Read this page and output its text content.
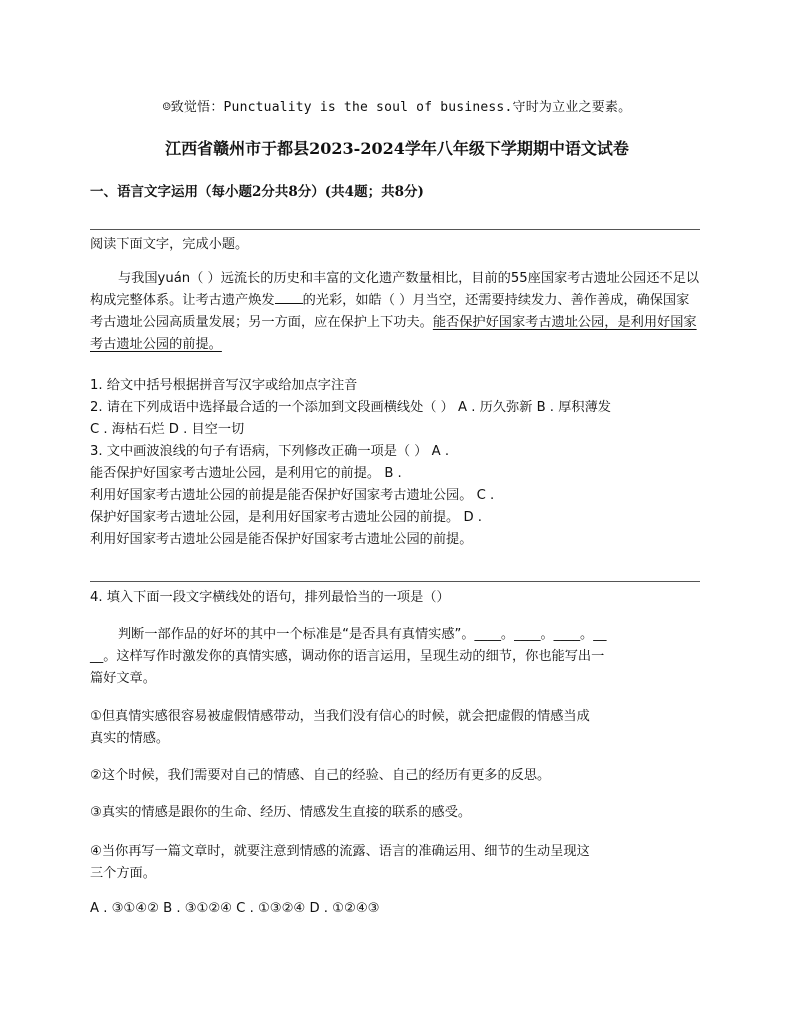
☺致觉悟：Punctuality is the soul of business.守时为立业之要素。
江西省赣州市于都县2023-2024学年八年级下学期期中语文试卷
一、语言文字运用（每小题2分共8分）(共4题；共8分)
阅读下面文字，完成小题。

与我国yuán（ ）远流长的历史和丰富的文化遗产数量相比，目前的55座国家考古遗址公园还不足以构成完整体系。让考古遗产焕发 的光彩，如皓（ ）月当空，还需要持续发力、善作善成，确保国家考古遗址公园高质量发展；另一方面，应在保护上下功夫。能否保护好国家考古遗址公园，是利用好国家考古遗址公园的前提。

1. 给文中括号根据拼音写汉字或给加点字注音
2. 请在下列成语中选择最合适的一个添加到文段画横线处（ ） A . 历久弥新 B . 厚积薄发
C . 海枯石烂 D . 目空一切
3. 文中画波浪线的句子有语病，下列修改正确一项是（ ） A .
能否保护好国家考古遗址公园，是利用它的前提。 B .
利用好国家考古遗址公园的前提是能否保护好国家考古遗址公园。 C .
保护好国家考古遗址公园，是利用好国家考古遗址公园的前提。 D .
利用好国家考古遗址公园是能否保护好国家考古遗址公园的前提。
4. 填入下面一段文字横线处的语句，排列最恰当的一项是（）
判断一部作品的好坏的其中一个标准是“是否具有真情实感”。____。____。____。__
__。这样写作时激发你的真情实感，调动你的语言运用，呈现生动的细节，你也能写出一
篇好文章。
①但真情实感很容易被虚假情感带动，当我们没有信心的时候，就会把虚假的情感当成
真实的情感。
②这个时候，我们需要对自己的情感、自己的经验、自己的经历有更多的反思。
③真实的情感是跟你的生命、经历、情感发生直接的联系的感受。
④当你再写一篇文章时，就要注意到情感的流露、语言的准确运用、细节的生动呈现这
三个方面。
A . ③①④② B . ③①②④ C . ①③②④ D . ①②④③
